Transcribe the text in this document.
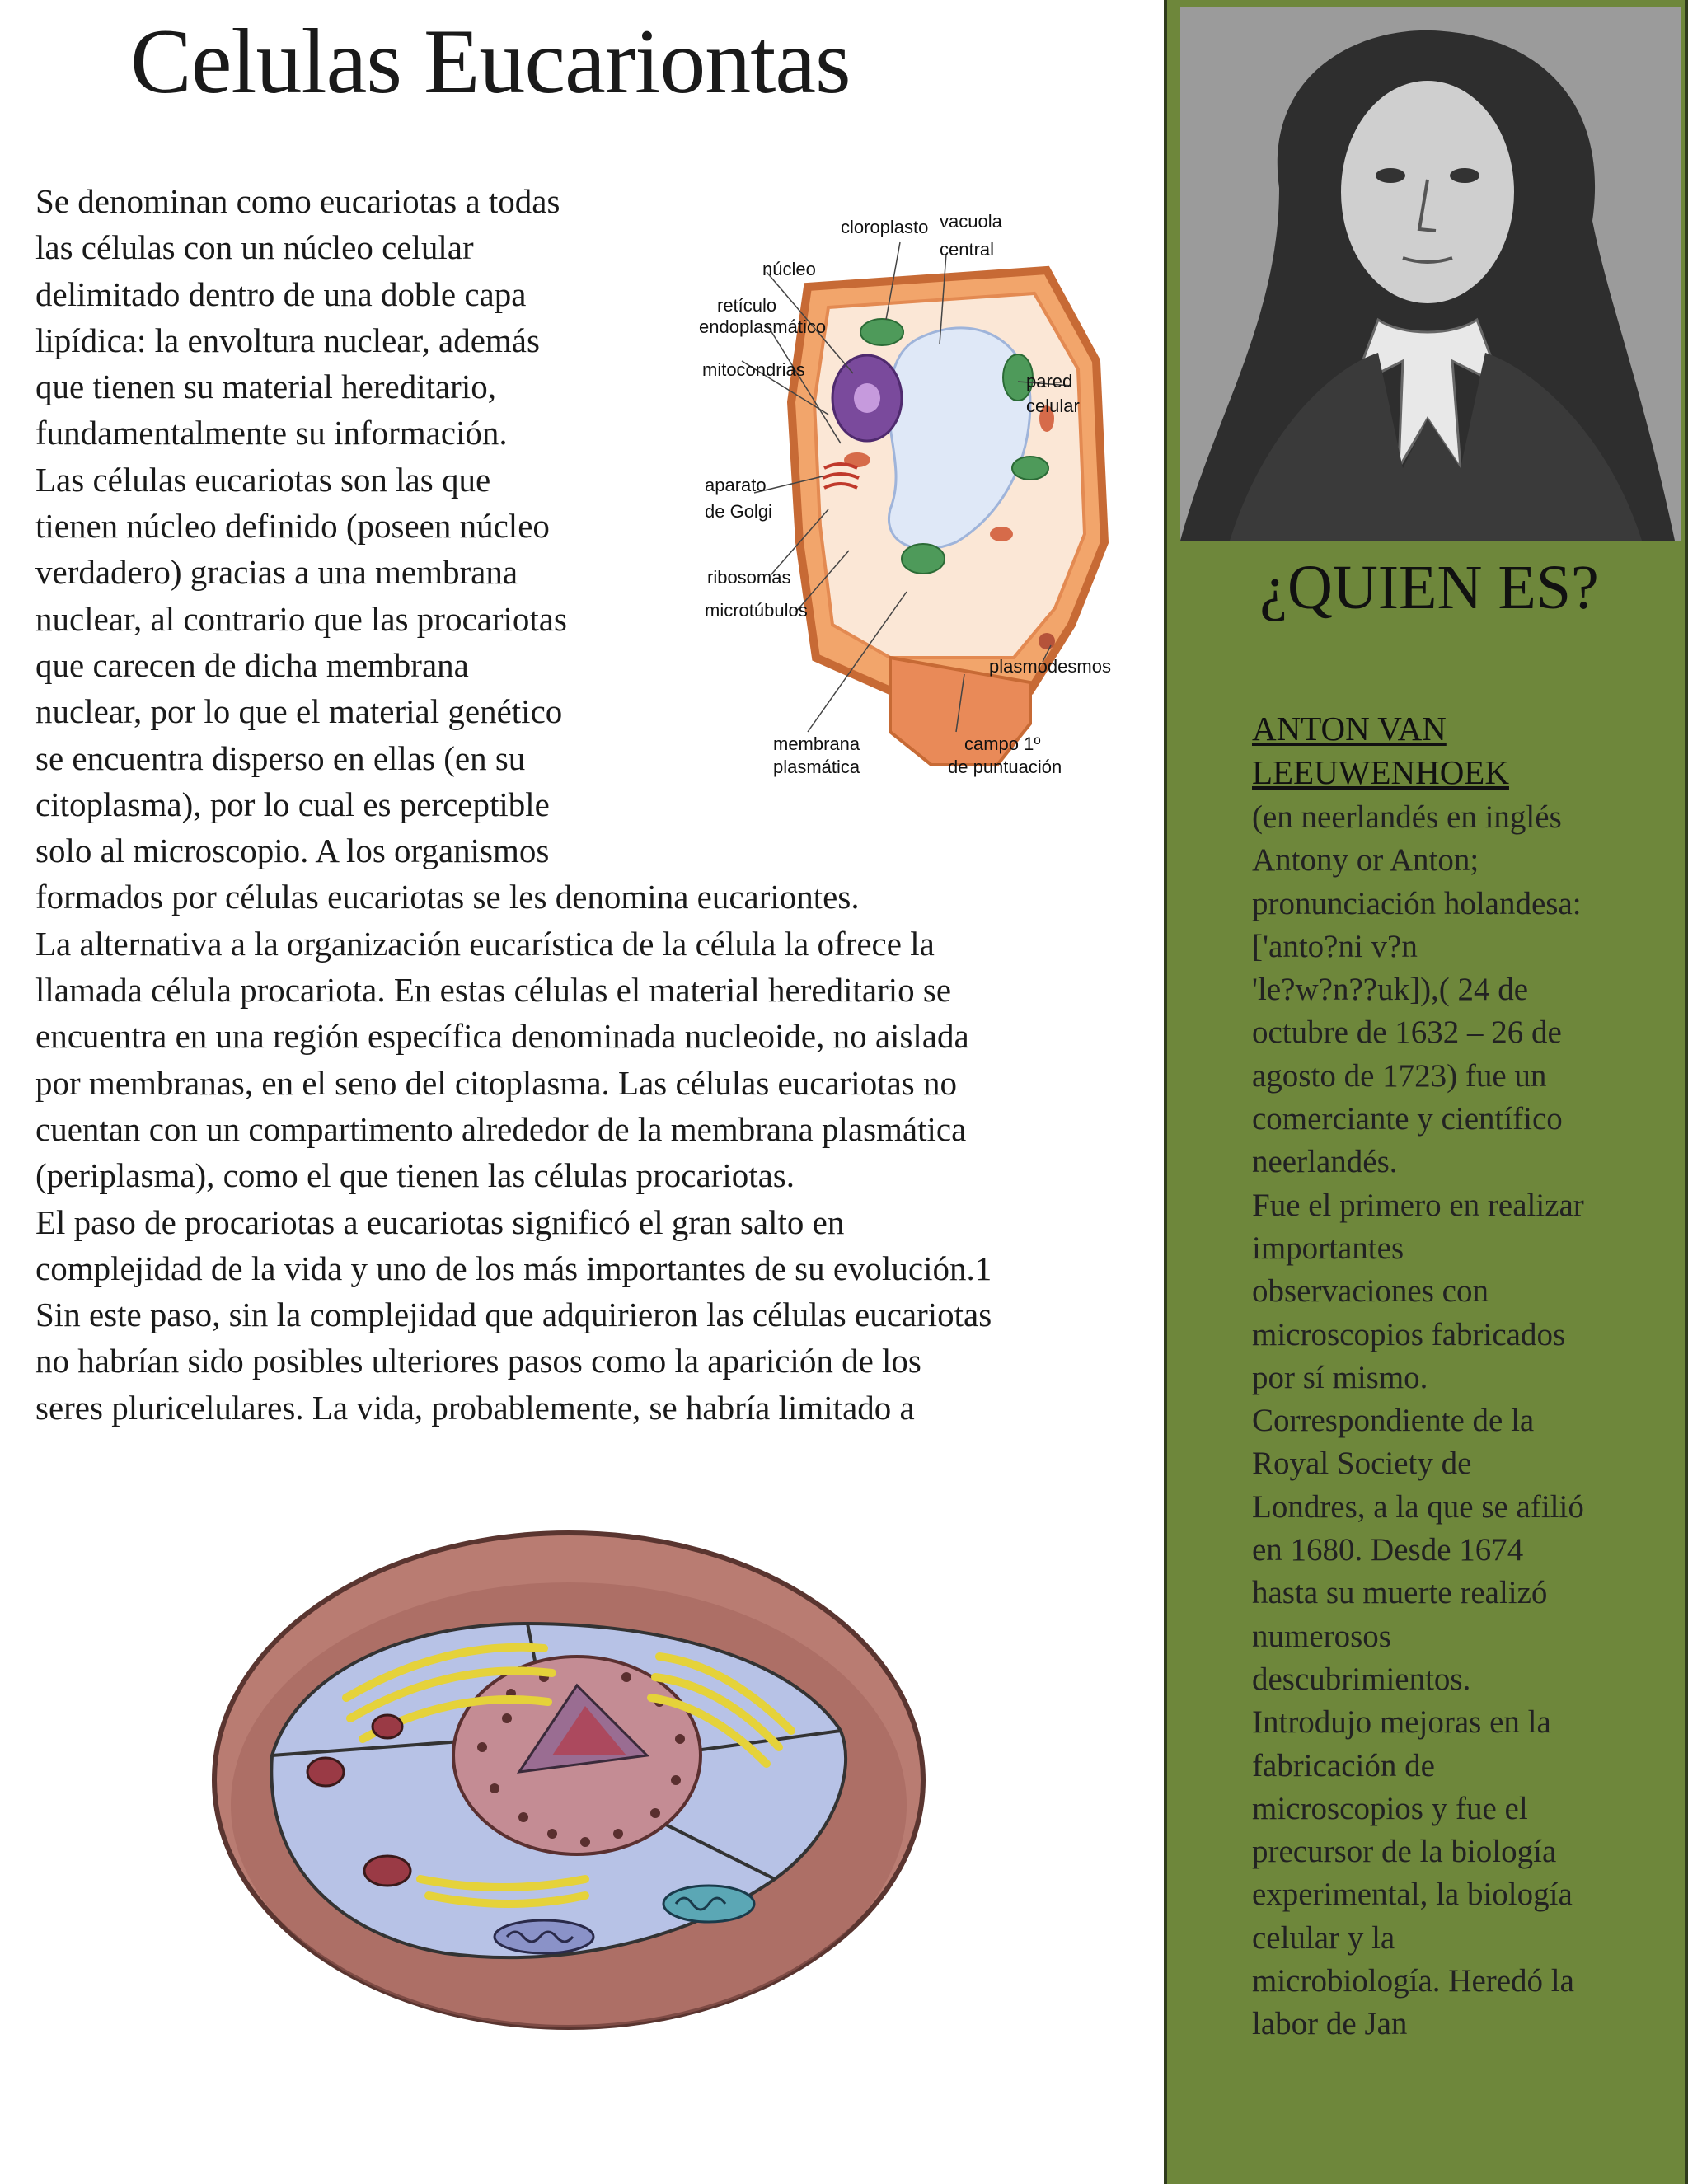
Celulas Eucariontas
Se denominan como eucariotas a todas
las células con un núcleo celular
delimitado dentro de una doble capa
lipídica: la envoltura nuclear, además
que tienen su material hereditario,
fundamentalmente su información.
Las células eucariotas son las que
tienen núcleo definido (poseen núcleo
verdadero) gracias a una membrana
nuclear, al contrario que las procariotas
que carecen de dicha membrana
nuclear, por lo que el material genético
se encuentra disperso en ellas (en su
citoplasma), por lo cual es perceptible
solo al microscopio. A los organismos
formados por células eucariotas se les denomina eucariontes.
La alternativa a la organización eucarística de la célula la ofrece la
llamada célula procariota. En estas células el material hereditario se
encuentra en una región específica denominada nucleoide, no aislada
por membranas, en el seno del citoplasma. Las células eucariotas no
cuentan con un compartimento alrededor de la membrana plasmática
(periplasma), como el que tienen las células procariotas.
El paso de procariotas a eucariotas significó el gran salto en
complejidad de la vida y uno de los más importantes de su evolución.1
Sin este paso, sin la complejidad que adquirieron las células eucariotas
no habrían sido posibles ulteriores pasos como la aparición de los
seres pluricelulares. La vida, probablemente, se habría limitado a
cloroplasto vacuola
central
núcleo
retículo
endoplasmático
mitocondrias
pared
celular
aparato
de Golgi
ribosomas
microtúbulos
plasmodesmos
membrana
plasmática
campo 1º
de puntuación
¿QUIEN ES?
ANTON VAN
LEEUWENHOEK
(en neerlandés en inglés
Antony or Anton;
pronunciación holandesa:
['anto?ni v?n
'le?w?n??uk]),( 24 de
octubre de 1632 – 26 de
agosto de 1723) fue un
comerciante y científico
neerlandés.
Fue el primero en realizar
importantes
observaciones con
microscopios fabricados
por sí mismo.
Correspondiente de la
Royal Society de
Londres, a la que se afilió
en 1680. Desde 1674
hasta su muerte realizó
numerosos
descubrimientos.
Introdujo mejoras en la
fabricación de
microscopios y fue el
precursor de la biología
experimental, la biología
celular y la
microbiología. Heredó la
labor de Jan
